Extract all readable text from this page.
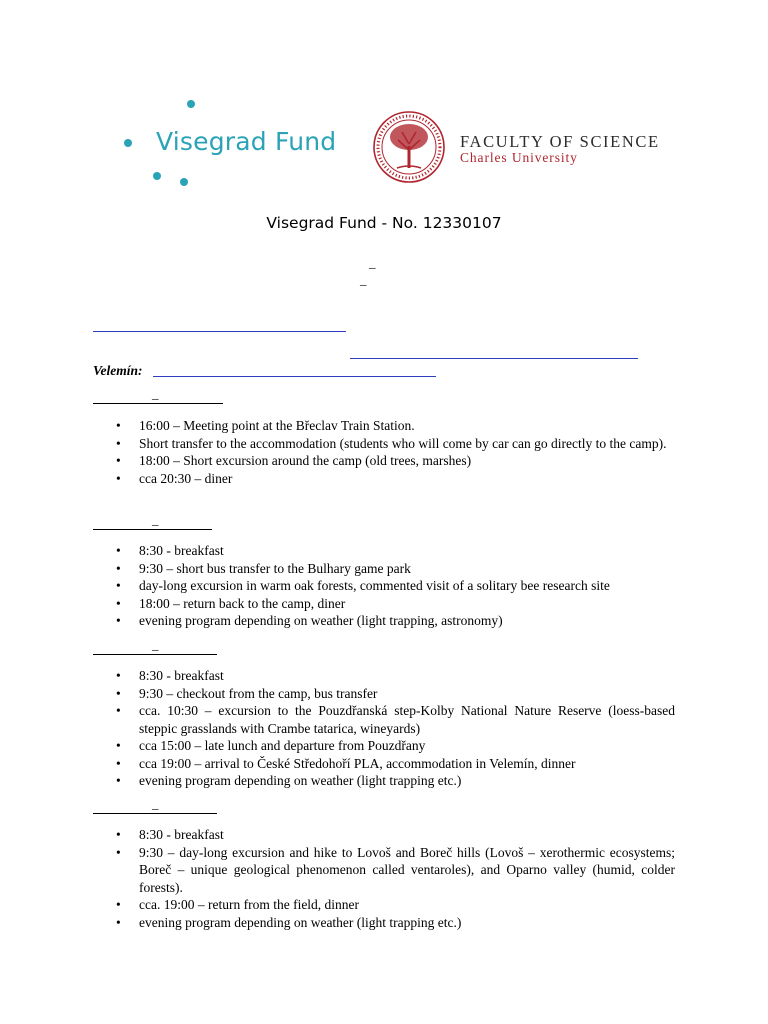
Visegrad Fund	FACULTY OF SCIENCE
Charles University
Visegrad Fund - No. 12330107
_
_
Velemín:
_
• 16:00 – Meeting point at the Břeclav Train Station.
• Short transfer to the accommodation (students who will come by car can go directly to the camp).
• 18:00 – Short excursion around the camp (old trees, marshes)
• cca 20:30 – diner
_
• 8:30 - breakfast
• 9:30 – short bus transfer to the Bulhary game park
• day-long excursion in warm oak forests, commented visit of a solitary bee research site
• 18:00 – return back to the camp, diner
• evening program depending on weather (light trapping, astronomy)
_
• 8:30 - breakfast
• 9:30 – checkout from the camp, bus transfer
• cca. 10:30 – excursion to the Pouzdřanská step-Kolby National Nature Reserve (loess-based steppic grasslands with Crambe tatarica, wineyards)
• cca 15:00 – late lunch and departure from Pouzdřany
• cca 19:00 – arrival to České Středohoří PLA, accommodation in Velemín, dinner
• evening program depending on weather (light trapping etc.)
_
• 8:30 - breakfast
• 9:30 – day-long excursion and hike to Lovoš and Boreč hills (Lovoš – xerothermic ecosystems; Boreč – unique geological phenomenon called ventaroles), and Oparno valley (humid, colder forests).
• cca. 19:00 – return from the field, dinner
• evening program depending on weather (light trapping etc.)
